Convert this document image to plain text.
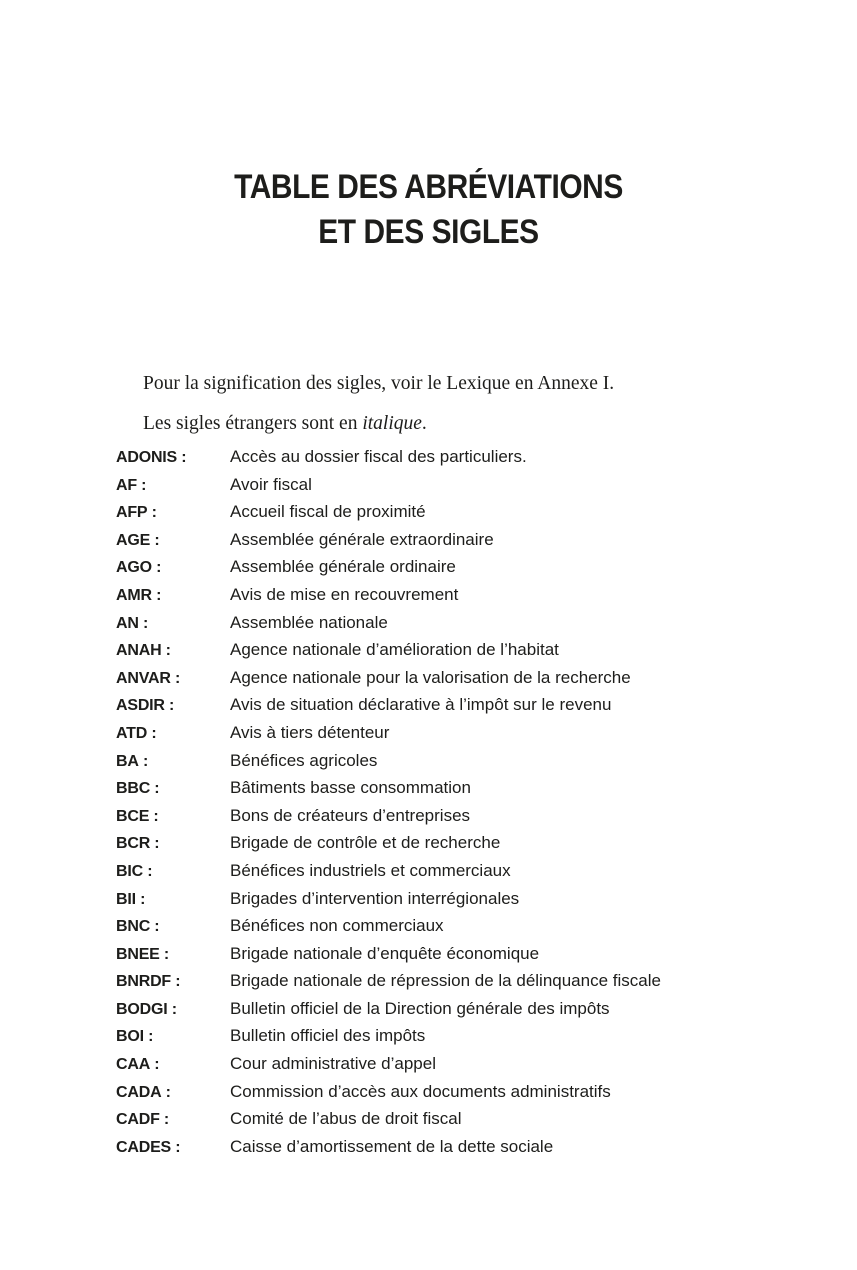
TABLE DES ABRÉVIATIONS
ET DES SIGLES

Pour la signification des sigles, voir le Lexique en Annexe I.

Les sigles étrangers sont en italique.

ADONIS :	Accès au dossier fiscal des particuliers.
AF :	Avoir fiscal
AFP :	Accueil fiscal de proximité
AGE :	Assemblée générale extraordinaire
AGO :	Assemblée générale ordinaire
AMR :	Avis de mise en recouvrement
AN :	Assemblée nationale
ANAH :	Agence nationale d’amélioration de l’habitat
ANVAR :	Agence nationale pour la valorisation de la recherche
ASDIR :	Avis de situation déclarative à l’impôt sur le revenu
ATD :	Avis à tiers détenteur
BA :	Bénéfices agricoles
BBC :	Bâtiments basse consommation
BCE :	Bons de créateurs d’entreprises
BCR :	Brigade de contrôle et de recherche
BIC :	Bénéfices industriels et commerciaux
BII :	Brigades d’intervention interrégionales
BNC :	Bénéfices non commerciaux
BNEE :	Brigade nationale d’enquête économique
BNRDF :	Brigade nationale de répression de la délinquance fiscale
BODGI :	Bulletin officiel de la Direction générale des impôts
BOI :	Bulletin officiel des impôts
CAA :	Cour administrative d’appel
CADA :	Commission d’accès aux documents administratifs
CADF :	Comité de l’abus de droit fiscal
CADES :	Caisse d’amortissement de la dette sociale
